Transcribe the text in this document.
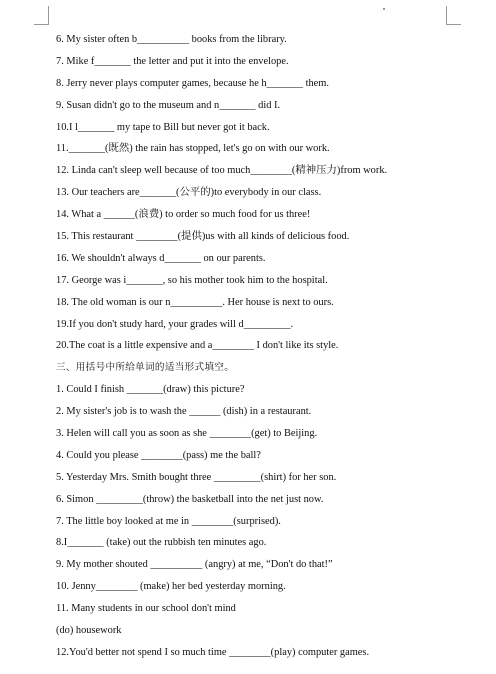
6. My sister often b__________ books from the library.
7. Mike f_______ the letter and put it into the envelope.
8. Jerry never plays computer games, because he h_______ them.
9. Susan didn't go to the museum and n_______ did I.
10.I l_______ my tape to Bill but never got it back.
11._______(既然) the rain has stopped, let's go on with our work.
12. Linda can't sleep well because of too much________(精神压力)from work.
13. Our teachers are_______(公平的)to everybody in our class.
14. What a ______(浪费) to order so much food for us three!
15. This restaurant ________(提供)us with all kinds of delicious food.
16. We shouldn't always d_______ on our parents.
17. George was i_______, so his mother took him to the hospital.
18. The old woman is our n__________. Her house is next to ours.
19.If you don't study hard, your grades will d_________.
20.The coat is a little expensive and a________ I don't like its style.
三、用括号中所给单词的适当形式填空。
1. Could I finish _______(draw) this picture?
2. My sister's job is to wash the ______ (dish) in a restaurant.
3. Helen will call you as soon as she ________(get) to Beijing.
4. Could you please ________(pass) me the ball?
5. Yesterday Mrs. Smith bought three _________(shirt) for her son.
6. Simon _________(throw) the basketball into the net just now.
7. The little boy looked at me in ________(surprised).
8.I_______ (take) out the rubbish ten minutes ago.
9. My mother shouted __________ (angry) at me, “Don't do that!”
10. Jenny________ (make) her bed yesterday morning.
11. Many students in our school don't mind
(do) housework
12.You'd better not spend I so much time ________(play) computer games.
